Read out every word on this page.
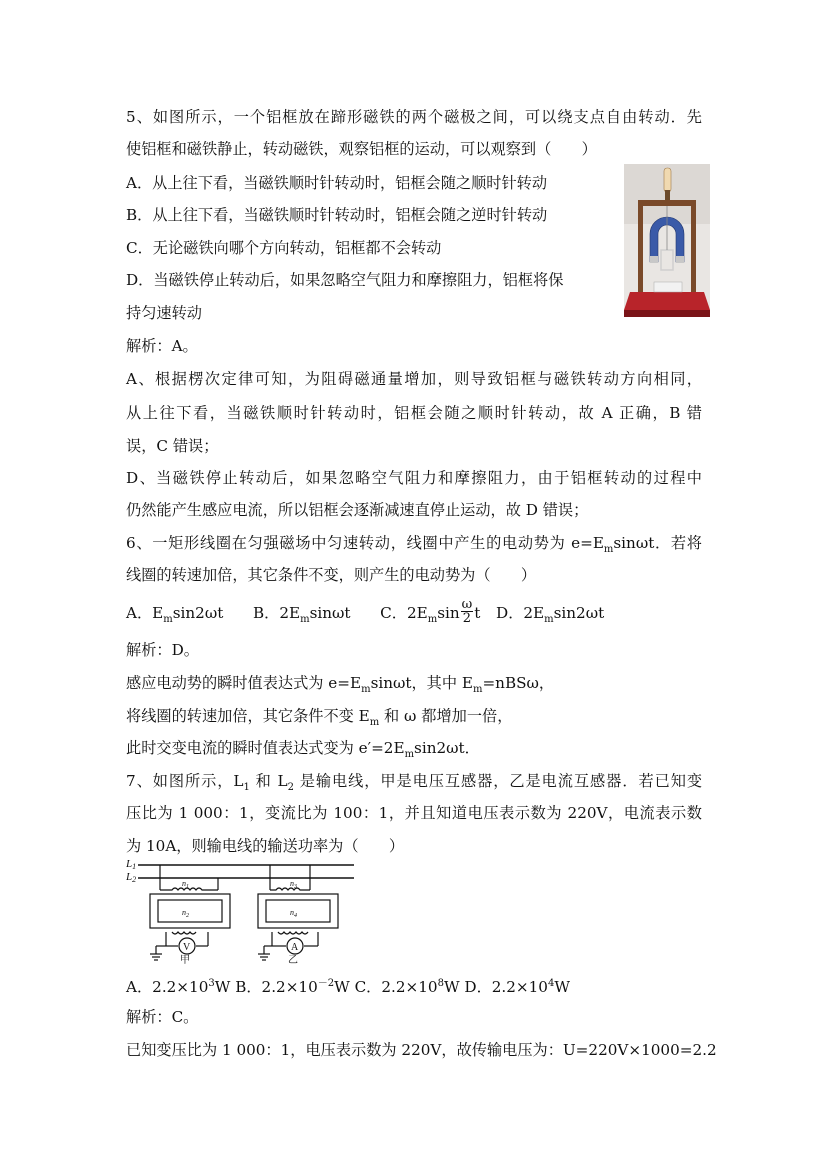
5、如图所示，一个铝框放在蹄形磁铁的两个磁极之间，可以绕支点自由转动．先
使铝框和磁铁静止，转动磁铁，观察铝框的运动，可以观察到（　　）
A．从上往下看，当磁铁顺时针转动时，铝框会随之顺时针转动
B．从上往下看，当磁铁顺时针转动时，铝框会随之逆时针转动
C．无论磁铁向哪个方向转动，铝框都不会转动
D．当磁铁停止转动后，如果忽略空气阻力和摩擦阻力，铝框将保
持匀速转动
解析：A。
A、根据楞次定律可知，为阻碍磁通量增加，则导致铝框与磁铁转动方向相同，
从上往下看，当磁铁顺时针转动时，铝框会随之顺时针转动，故 A 正确，B 错
误，C 错误；
D、当磁铁停止转动后，如果忽略空气阻力和摩擦阻力，由于铝框转动的过程中
仍然能产生感应电流，所以铝框会逐渐减速直停止运动，故 D 错误；
6、一矩形线圈在匀强磁场中匀速转动，线圈中产生的电动势为 $e=E_m\sin\omega t$．若将
线圈的转速加倍，其它条件不变，则产生的电动势为（　　）
A．$E_m\sin 2\omega t$ B．$2E_m\sin\omega t$ C．$2E_m\sin \frac{\omega}{2}$ t D．$2E_m\sin 2\omega t$
解析：D。
感应电动势的瞬时值表达式为 $e=E_m\sin\omega t$，其中 $E_m=nBS\omega$，
将线圈的转速加倍，其它条件不变 $E_m$ 和 ω 都增加一倍，
此时交变电流的瞬时值表达式变为 $e'=2E_m\sin 2\omega t$．
7、如图所示，$L_1$ 和 $L_2$ 是输电线，甲是电压互感器，乙是电流互感器．若已知变
压比为 1 000：1，变流比为 100：1，并且知道电压表示数为 220V，电流表示数
为 10A，则输电线的输送功率为（　　）
L1
L2	$n_1$
$n_2$
V
甲
$n_3$
$n_4$
A
乙
A．$2.2\times 10^3W$ B．$2.2\times 10^{-2}W$ C．$2.2\times 10^8W$ D．$2.2\times 10^4W$
解析：C。
已知变压比为 1 000：1，电压表示数为 220V，故传输电压为：U=220V×1000=2.2
